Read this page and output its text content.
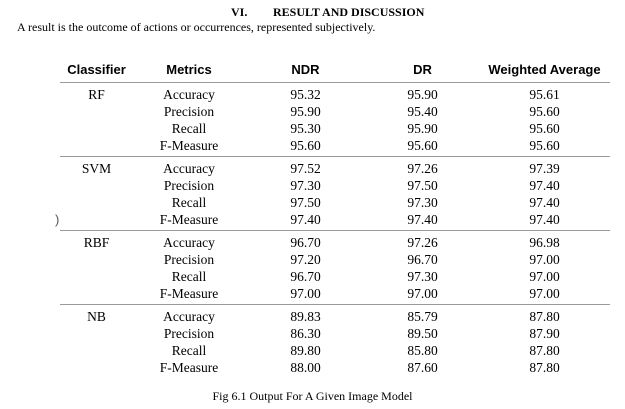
VI. RESULT AND DISCUSSION
A result is the outcome of actions or occurrences, represented subjectively.
)
Classifier	Metrics	NDR	DR	Weighted Average
RF	Accuracy	95.32	95.90	95.61
	Precision	95.90	95.40	95.60
	Recall	95.30	95.90	95.60
	F-Measure	95.60	95.60	95.60
SVM	Accuracy	97.52	97.26	97.39
	Precision	97.30	97.50	97.40
	Recall	97.50	97.30	97.40
	F-Measure	97.40	97.40	97.40
RBF	Accuracy	96.70	97.26	96.98
	Precision	97.20	96.70	97.00
	Recall	96.70	97.30	97.00
	F-Measure	97.00	97.00	97.00
NB	Accuracy	89.83	85.79	87.80
	Precision	86.30	89.50	87.90
	Recall	89.80	85.80	87.80
	F-Measure	88.00	87.60	87.80
Fig 6.1 Output For A Given Image Model
